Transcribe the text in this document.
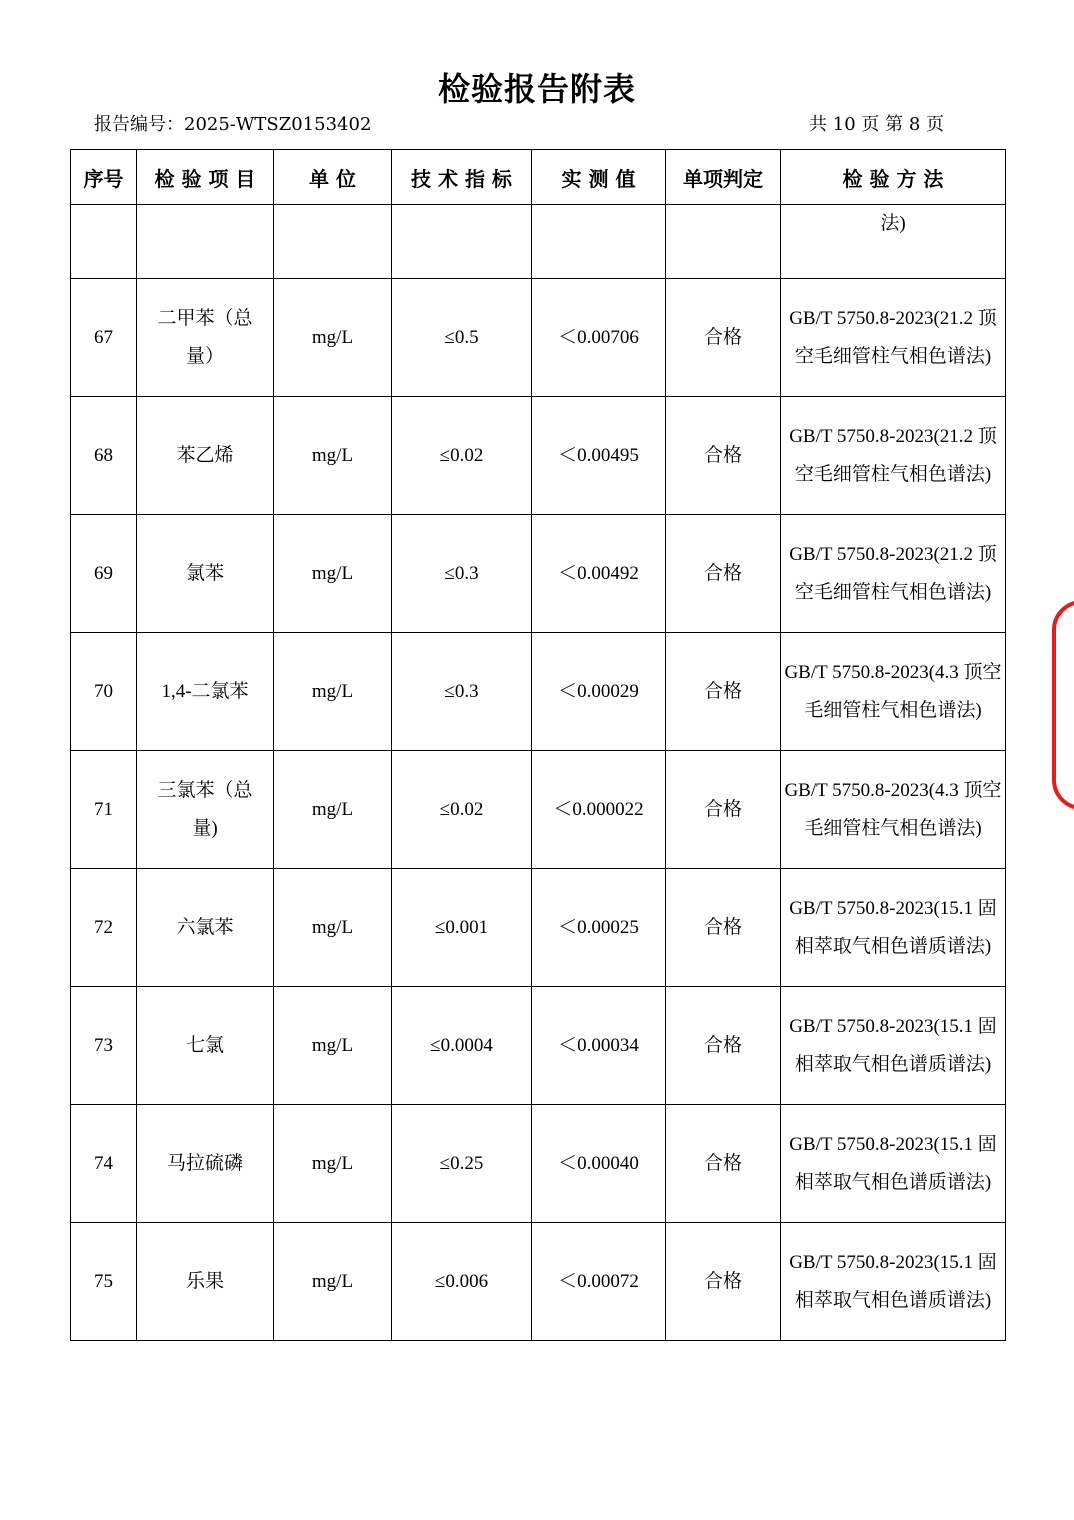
检验报告附表
报告编号：2025-WTSZ0153402	共 10 页 第 8 页
序号	检 验 项 目	单 位	技 术 指 标	实 测 值	单项判定	检 验 方 法
						法)
67	二甲苯（总量）	mg/L	≤0.5	＜0.00706	合格	GB/T 5750.8-2023(21.2 顶空毛细管柱气相色谱法)
68	苯乙烯	mg/L	≤0.02	＜0.00495	合格	GB/T 5750.8-2023(21.2 顶空毛细管柱气相色谱法)
69	氯苯	mg/L	≤0.3	＜0.00492	合格	GB/T 5750.8-2023(21.2 顶空毛细管柱气相色谱法)
70	1,4-二氯苯	mg/L	≤0.3	＜0.00029	合格	GB/T 5750.8-2023(4.3 顶空毛细管柱气相色谱法)
71	三氯苯（总量)	mg/L	≤0.02	＜0.000022	合格	GB/T 5750.8-2023(4.3 顶空毛细管柱气相色谱法)
72	六氯苯	mg/L	≤0.001	＜0.00025	合格	GB/T 5750.8-2023(15.1 固相萃取气相色谱质谱法)
73	七氯	mg/L	≤0.0004	＜0.00034	合格	GB/T 5750.8-2023(15.1 固相萃取气相色谱质谱法)
74	马拉硫磷	mg/L	≤0.25	＜0.00040	合格	GB/T 5750.8-2023(15.1 固相萃取气相色谱质谱法)
75	乐果	mg/L	≤0.006	＜0.00072	合格	GB/T 5750.8-2023(15.1 固相萃取气相色谱质谱法)
